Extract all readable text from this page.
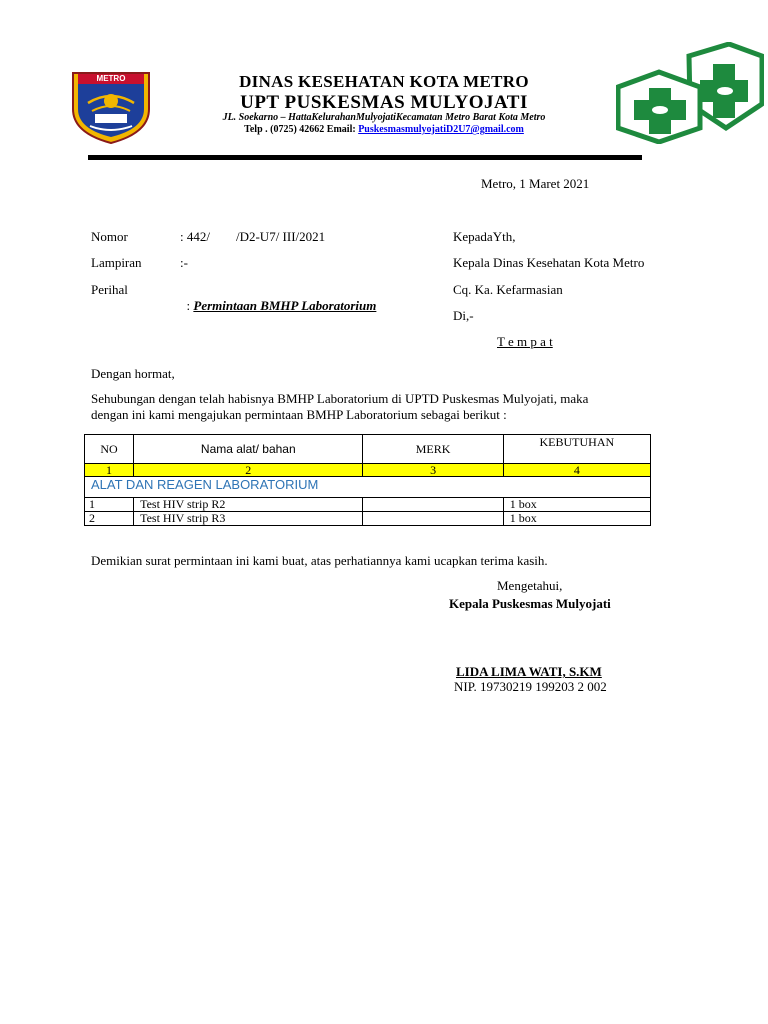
METRO	DINAS KESEHATAN KOTA METRO
UPT PUSKESMAS MULYOJATI
JL. Soekarno – HattaKelurahanMulyojatiKecamatan Metro Barat Kota Metro
Telp . (0725) 42662 Email: PuskesmasmulyojatiD2U7@gmail.com
Metro, 1 Maret 2021
Nomor	: 442/        /D2-U7/ III/2021
Lampiran	:-
Perihal

: Permintaan BMHP Laboratorium

KepadaYth,
Kepala Dinas Kesehatan Kota Metro
Cq. Ka. Kefarmasian
Di,-
T e m p a t
Dengan hormat,
Sehubungan dengan telah habisnya BMHP Laboratorium di UPTD Puskesmas Mulyojati, maka
dengan ini kami mengajukan permintaan BMHP Laboratorium sebagai berikut :
NO	Nama alat/ bahan	MERK	KEBUTUHAN
1	2	3	4
ALAT DAN REAGEN LABORATORIUM			
1	Test HIV strip R2		1 box
2	Test HIV strip R3		1 box
Demikian surat permintaan ini kami buat, atas perhatiannya kami ucapkan terima kasih.
Mengetahui,
Kepala Puskesmas Mulyojati
LIDA LIMA WATI, S.KM
NIP. 19730219 199203 2 002
